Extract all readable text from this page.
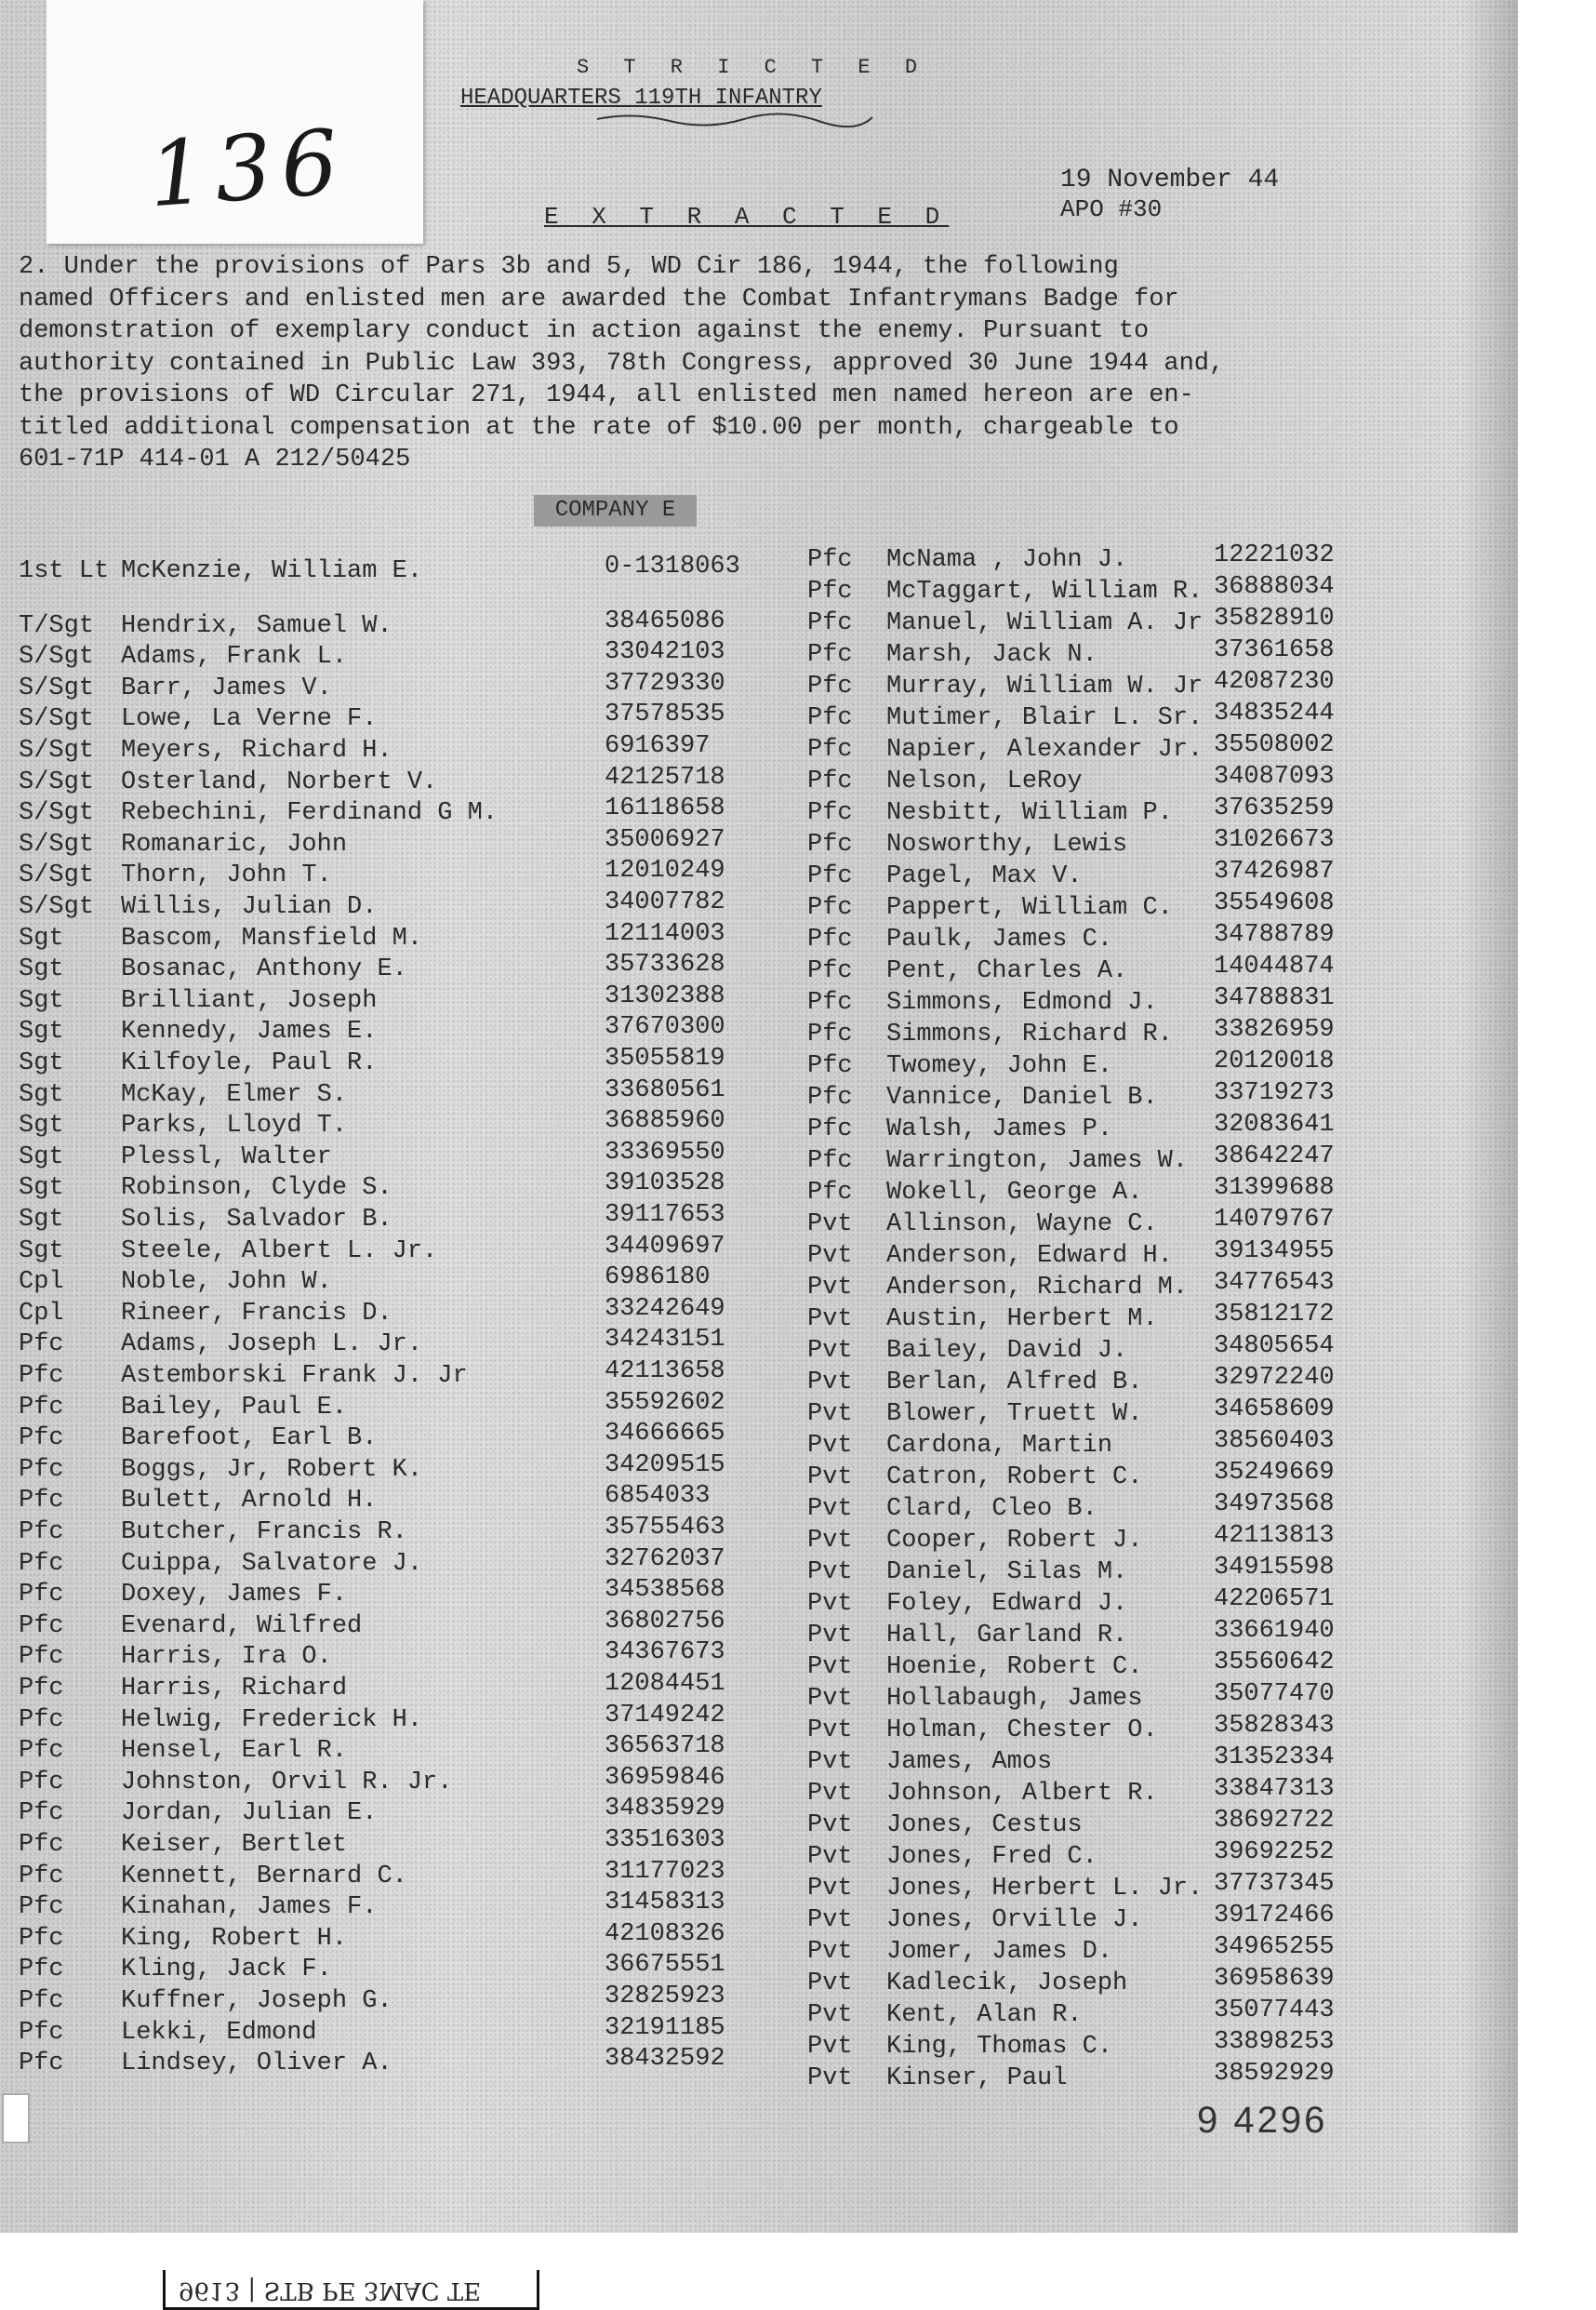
136
S T R I C T E D
HEADQUARTERS 119TH INFANTRY
19 November 44
APO #30
E X T R A C T E D
2. Under the provisions of Pars 3b and 5, WD Cir 186, 1944, the following
named Officers and enlisted men are awarded the Combat Infantrymans Badge for
demonstration of exemplary conduct in action against the enemy. Pursuant to
authority contained in Public Law 393, 78th Congress, approved 30 June 1944 and,
the provisions of WD Circular 271, 1944, all enlisted men named hereon are en-
titled additional compensation at the rate of $10.00 per month, chargeable to
601-71P 414-01 A 212/50425
COMPANY E
1st Lt McKenzie, William E.	0-1318063
T/Sgt Hendrix, Samuel W.	38465086
S/Sgt Adams, Frank L.	33042103
S/Sgt Barr, James V.	37729330
S/Sgt Lowe, La Verne F.	37578535
S/Sgt Meyers, Richard H.	6916397
S/Sgt Osterland, Norbert V.	42125718
S/Sgt Rebechini, Ferdinand G M.	16118658
S/Sgt Romanaric, John	35006927
S/Sgt Thorn, John T.	12010249
S/Sgt Willis, Julian D.	34007782
Sgt Bascom, Mansfield M.	12114003
Sgt Bosanac, Anthony E.	35733628
Sgt Brilliant, Joseph	31302388
Sgt Kennedy, James E.	37670300
Sgt Kilfoyle, Paul R.	35055819
Sgt McKay, Elmer S.	33680561
Sgt Parks, Lloyd T.	36885960
Sgt Plessl, Walter	33369550
Sgt Robinson, Clyde S.	39103528
Sgt Solis, Salvador B.	39117653
Sgt Steele, Albert L. Jr.	34409697
Cpl Noble, John W.	6986180
Cpl Rineer, Francis D.	33242649
Pfc Adams, Joseph L. Jr.	34243151
Pfc Astemborski Frank J. Jr	42113658
Pfc Bailey, Paul E.	35592602
Pfc Barefoot, Earl B.	34666665
Pfc Boggs, Jr, Robert K.	34209515
Pfc Bulett, Arnold H.	6854033
Pfc Butcher, Francis R.	35755463
Pfc Cuippa, Salvatore J.	32762037
Pfc Doxey, James F.	34538568
Pfc Evenard, Wilfred	36802756
Pfc Harris, Ira O.	34367673
Pfc Harris, Richard	12084451
Pfc Helwig, Frederick H.	37149242
Pfc Hensel, Earl R.	36563718
Pfc Johnston, Orvil R. Jr.	36959846
Pfc Jordan, Julian E.	34835929
Pfc Keiser, Bertlet	33516303
Pfc Kennett, Bernard C.	31177023
Pfc Kinahan, James F.	31458313
Pfc King, Robert H.	42108326
Pfc Kling, Jack F.	36675551
Pfc Kuffner, Joseph G.	32825923
Pfc Lekki, Edmond	32191185
Pfc Lindsey, Oliver A.	38432592
Pfc McNama , John J.	12221032
Pfc McTaggart, William R. 36888034
Pfc Manuel, William A. Jr 35828910
Pfc Marsh, Jack N.	37361658
Pfc Murray, William W. Jr 42087230
Pfc Mutimer, Blair L. Sr. 34835244
Pfc Napier, Alexander Jr. 35508002
Pfc Nelson, LeRoy	34087093
Pfc Nesbitt, William P. 37635259
Pfc Nosworthy, Lewis	31026673
Pfc Pagel, Max V.	37426987
Pfc Pappert, William C. 35549608
Pfc Paulk, James C.	34788789
Pfc Pent, Charles A.	14044874
Pfc Simmons, Edmond J. 34788831
Pfc Simmons, Richard R. 33826959
Pfc Twomey, John E.	20120018
Pfc Vannice, Daniel B. 33719273
Pfc Walsh, James P.	32083641
Pfc Warrington, James W. 38642247
Pfc Wokell, George A.	31399688
Pvt Allinson, Wayne C. 14079767
Pvt Anderson, Edward H. 39134955
Pvt Anderson, Richard M. 34776543
Pvt Austin, Herbert M. 35812172
Pvt Bailey, David J.	34805654
Pvt Berlan, Alfred B.	32972240
Pvt Blower, Truett W.	34658609
Pvt Cardona, Martin	38560403
Pvt Catron, Robert C.	35249669
Pvt Clard, Cleo B.	34973568
Pvt Cooper, Robert J.	42113813
Pvt Daniel, Silas M.	34915598
Pvt Foley, Edward J.	42206571
Pvt Hall, Garland R.	33661940
Pvt Hoenie, Robert C.	35560642
Pvt Hollabaugh, James	35077470
Pvt Holman, Chester O. 35828343
Pvt James, Amos	31352334
Pvt Johnson, Albert R. 33847313
Pvt Jones, Cestus	38692722
Pvt Jones, Fred C.	39692252
Pvt Jones, Herbert L. Jr. 37737345
Pvt Jones, Orville J.	39172466
Pvt Jomer, James D.	34965255
Pvt Kadlecik, Joseph	36958639
Pvt Kent, Alan R.	35077443
Pvt King, Thomas C.	33898253
Pvt Kinser, Paul	38592929
9 4296
9613 | STB PE 3MAC TE
